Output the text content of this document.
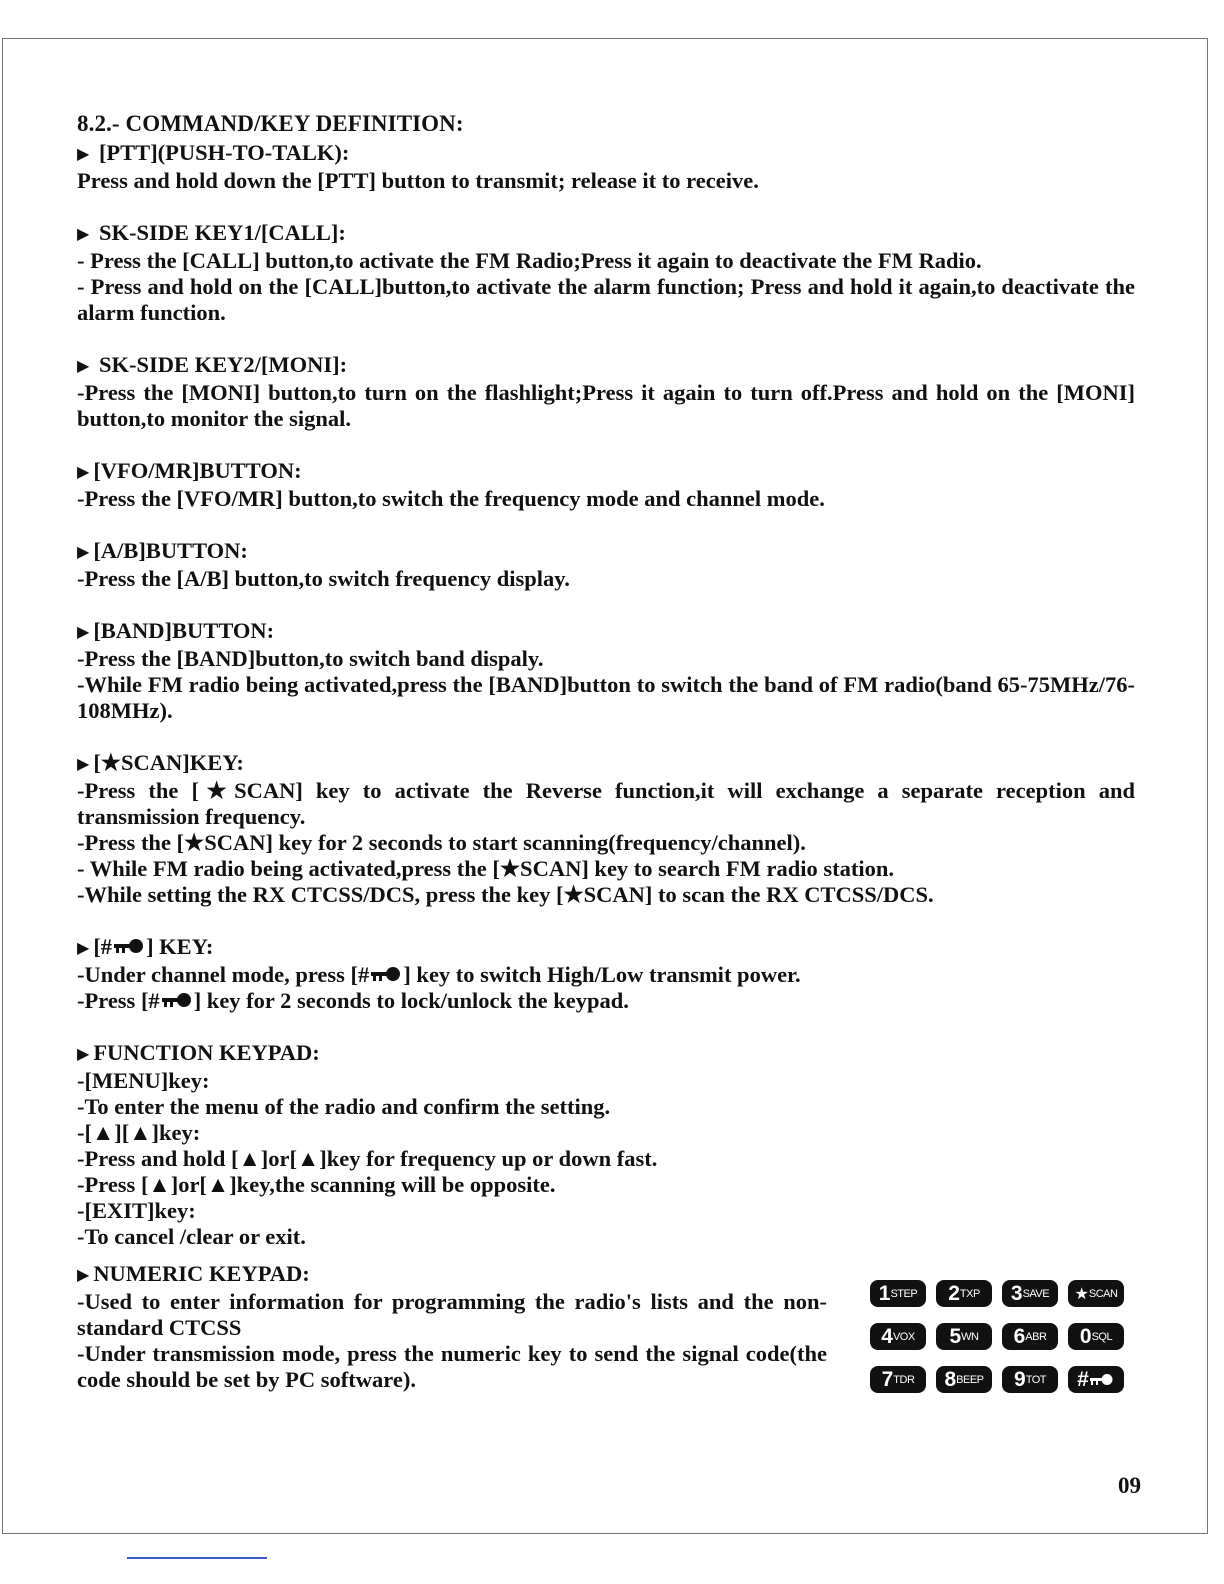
8.2.- COMMAND/KEY DEFINITION:
▶ [PTT](PUSH-TO-TALK):
Press and hold down the [PTT] button to transmit; release it to receive.
▶ SK-SIDE KEY1/[CALL]:
- Press the [CALL] button,to activate the FM Radio;Press it again to deactivate the FM Radio.
- Press and hold on the [CALL]button,to activate the alarm function; Press and hold it again,to deactivate the alarm function.
▶ SK-SIDE KEY2/[MONI]:
-Press the [MONI] button,to turn on the flashlight;Press it again to turn off.Press and hold on the [MONI] button,to monitor the signal.
▶ [VFO/MR]BUTTON:
-Press the [VFO/MR] button,to switch the frequency mode and channel mode.
▶ [A/B]BUTTON:
-Press the [A/B] button,to switch frequency display.
▶ [BAND]BUTTON:
-Press the [BAND]button,to switch band dispaly.
-While FM radio being activated,press the [BAND]button to switch the band of FM radio(band 65-75MHz/76-108MHz).
▶ [★SCAN]KEY:
-Press the [★SCAN] key to activate the Reverse function,it will exchange a separate reception and transmission frequency.
-Press the [★SCAN] key for 2 seconds to start scanning(frequency/channel).
- While FM radio being activated,press the [★SCAN] key to search FM radio station.
-While setting the RX CTCSS/DCS, press the key [★SCAN] to scan the RX CTCSS/DCS.
▶ [# ] KEY:
-Under channel mode, press [# ] key to switch High/Low transmit power.
-Press [# ] key for 2 seconds to lock/unlock the keypad.
▶ FUNCTION KEYPAD:
-[MENU]key:
-To enter the menu of the radio and confirm the setting.
-[▲][▲]key:
-Press and hold [▲]or[▲]key for frequency up or down fast.
-Press [▲]or[▲]key,the scanning will be opposite.
-[EXIT]key:
-To cancel /clear or exit.
▶ NUMERIC KEYPAD:
-Used to enter information for programming the radio's lists and the non-standard CTCSS
-Under transmission mode, press the numeric key to send the signal code(the code should be set by PC software).
1 STEP 2 TXP 3 SAVE ★ SCAN
4 VOX 5 WN 6 ABR 0 SQL
7 TDR 8 BEEP 9 TOT #
09
